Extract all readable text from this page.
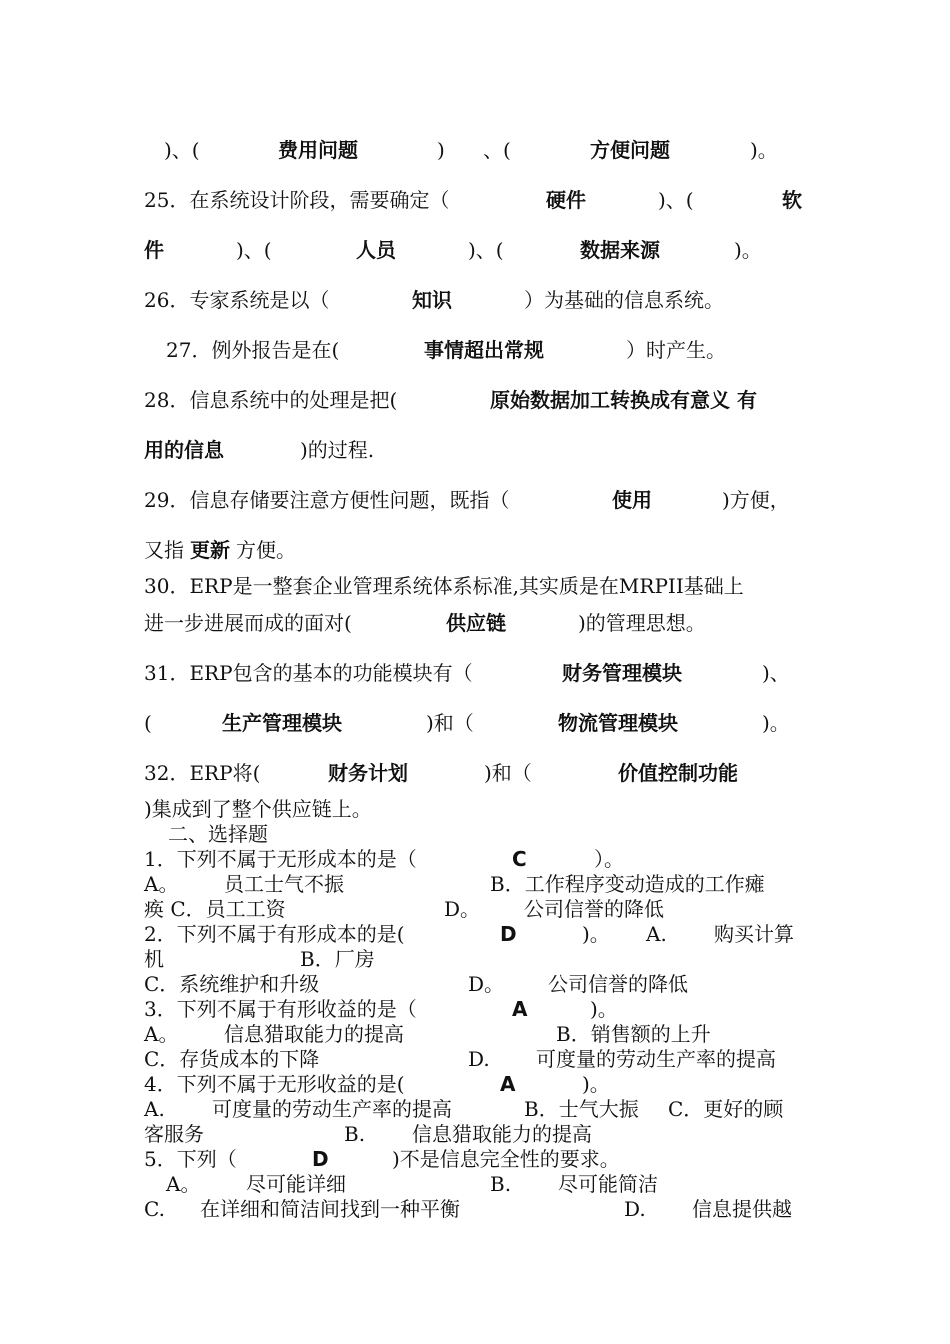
)、(	费用问题	) 、(	方便问题	)。
25．在系统设计阶段，需要确定（	硬件	)、(	软
件	)、(	人员	)、(	数据来源	)。
26．专家系统是以（	知识	）为基础的信息系统。
27．例外报告是在(	事情超出常规	）时产生。
28．信息系统中的处理是把(	原始数据加工转换成有意义 有
用的信息	)的过程.
29．信息存储要注意方便性问题，既指（	使用	)方便，
又指 更新 方便。
30．ERP是一整套企业管理系统体系标准,其实质是在MRPII基础上
进一步进展而成的面对(	供应链	)的管理思想。
31．ERP包含的基本的功能模块有（	财务管理模块	)、
(	生产管理模块	)和（	物流管理模块	)。
32．ERP将(	财务计划	)和（	价值控制功能
)集成到了整个供应链上。
二、选择题
1．下列不属于无形成本的是（	C	）。
A。 员工士气不振	B．工作程序变动造成的工作瘫
痪 C．员工工资	D。 公司信誉的降低
2．下列不属于有形成本的是(	D	)。 A. 购买计算
机	B．厂房
C．系统维护和升级	D。 公司信誉的降低
3．下列不属于有形收益的是（	A	)。
A。 信息猎取能力的提高	B．销售额的上升
C．存货成本的下降	D. 可度量的劳动生产率的提高
4．下列不属于无形收益的是(	A	)。
A. 可度量的劳动生产率的提高	B．士气大振 C．更好的顾
客服务	B. 信息猎取能力的提高
5．下列（	D	)不是信息完全性的要求。
A。 尽可能详细	B. 尽可能简洁
C. 在详细和简洁间找到一种平衡	D. 信息提供越
